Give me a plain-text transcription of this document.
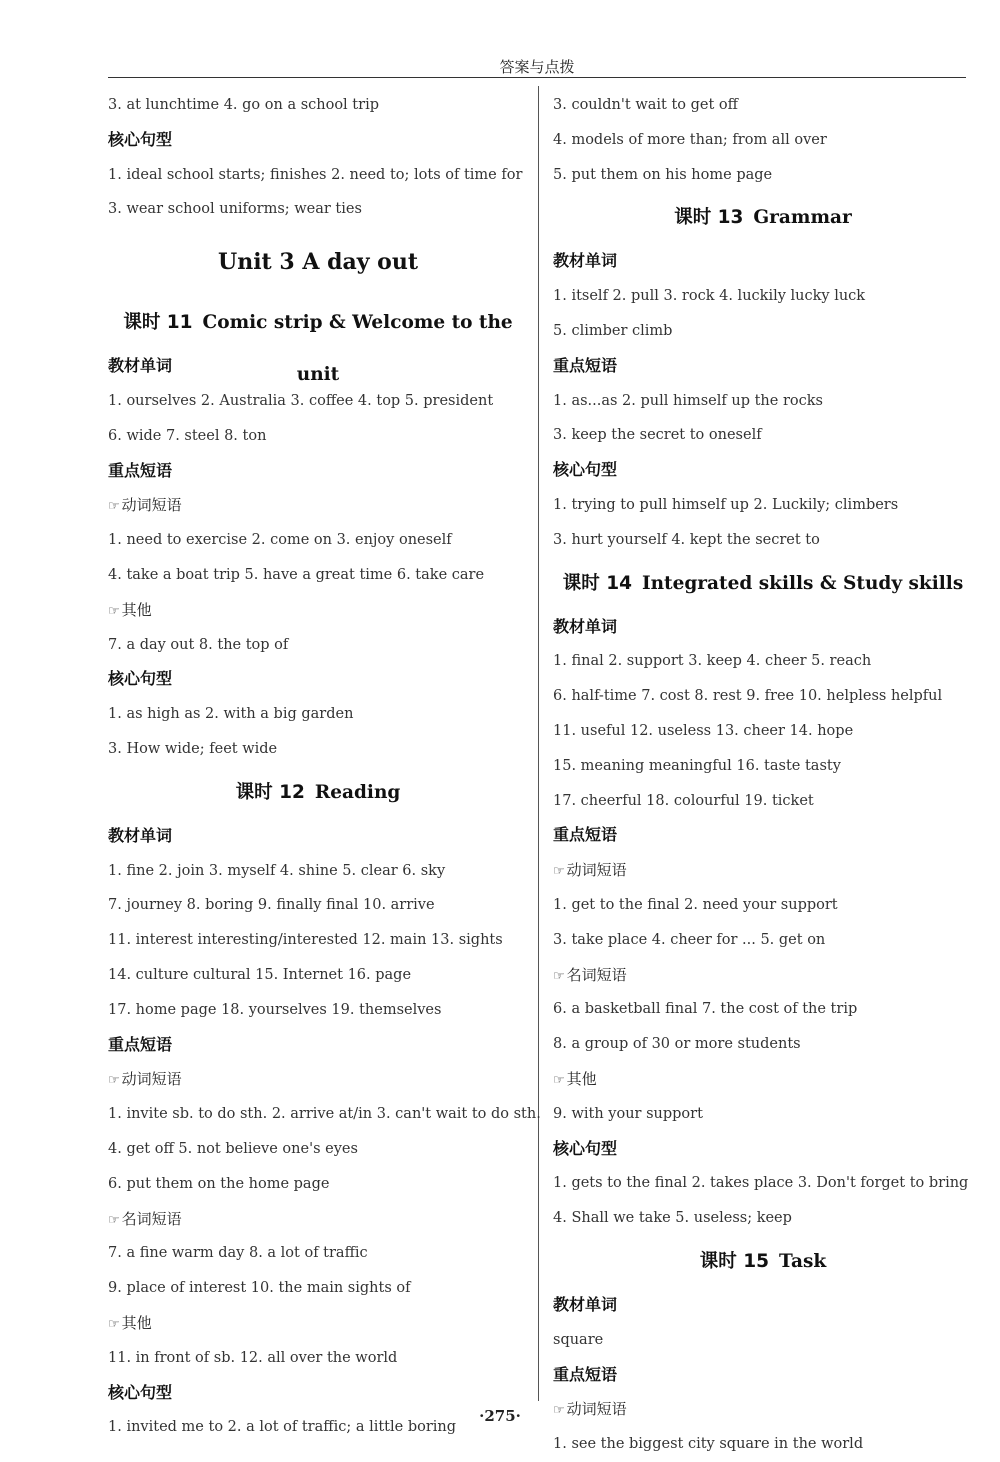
答案与点拨
3. at lunchtime 4. go on a school trip
核心句型
1. ideal school starts; finishes 2. need to; lots of time for
3. wear school uniforms; wear ties
Unit 3 A day out
课时 11 Comic strip & Welcome to the unit
教材单词
1. ourselves 2. Australia 3. coffee 4. top 5. president
6. wide 7. steel 8. ton
重点短语
☞ 动词短语
1. need to exercise 2. come on 3. enjoy oneself
4. take a boat trip 5. have a great time 6. take care
☞ 其他
7. a day out 8. the top of
核心句型
1. as high as 2. with a big garden
3. How wide; feet wide
课时 12 Reading
教材单词
1. fine 2. join 3. myself 4. shine 5. clear 6. sky
7. journey 8. boring 9. finally final 10. arrive
11. interest interesting/interested 12. main 13. sights
14. culture cultural 15. Internet 16. page
17. home page 18. yourselves 19. themselves
重点短语
☞ 动词短语
1. invite sb. to do sth. 2. arrive at/in 3. can't wait to do sth.
4. get off 5. not believe one's eyes
6. put them on the home page
☞ 名词短语
7. a fine warm day 8. a lot of traffic
9. place of interest 10. the main sights of
☞ 其他
11. in front of sb. 12. all over the world
核心句型
1. invited me to 2. a lot of traffic; a little boring
3. couldn't wait to get off
4. models of more than; from all over
5. put them on his home page
课时 13 Grammar
教材单词
1. itself 2. pull 3. rock 4. luckily lucky luck
5. climber climb
重点短语
1. as...as 2. pull himself up the rocks
3. keep the secret to oneself
核心句型
1. trying to pull himself up 2. Luckily; climbers
3. hurt yourself 4. kept the secret to
课时 14 Integrated skills & Study skills
教材单词
1. final 2. support 3. keep 4. cheer 5. reach
6. half-time 7. cost 8. rest 9. free 10. helpless helpful
11. useful 12. useless 13. cheer 14. hope
15. meaning meaningful 16. taste tasty
17. cheerful 18. colourful 19. ticket
重点短语
☞ 动词短语
1. get to the final 2. need your support
3. take place 4. cheer for ... 5. get on
☞ 名词短语
6. a basketball final 7. the cost of the trip
8. a group of 30 or more students
☞ 其他
9. with your support
核心句型
1. gets to the final 2. takes place 3. Don't forget to bring
4. Shall we take 5. useless; keep
课时 15 Task
教材单词
square
重点短语
☞ 动词短语
1. see the biggest city square in the world
·275·
